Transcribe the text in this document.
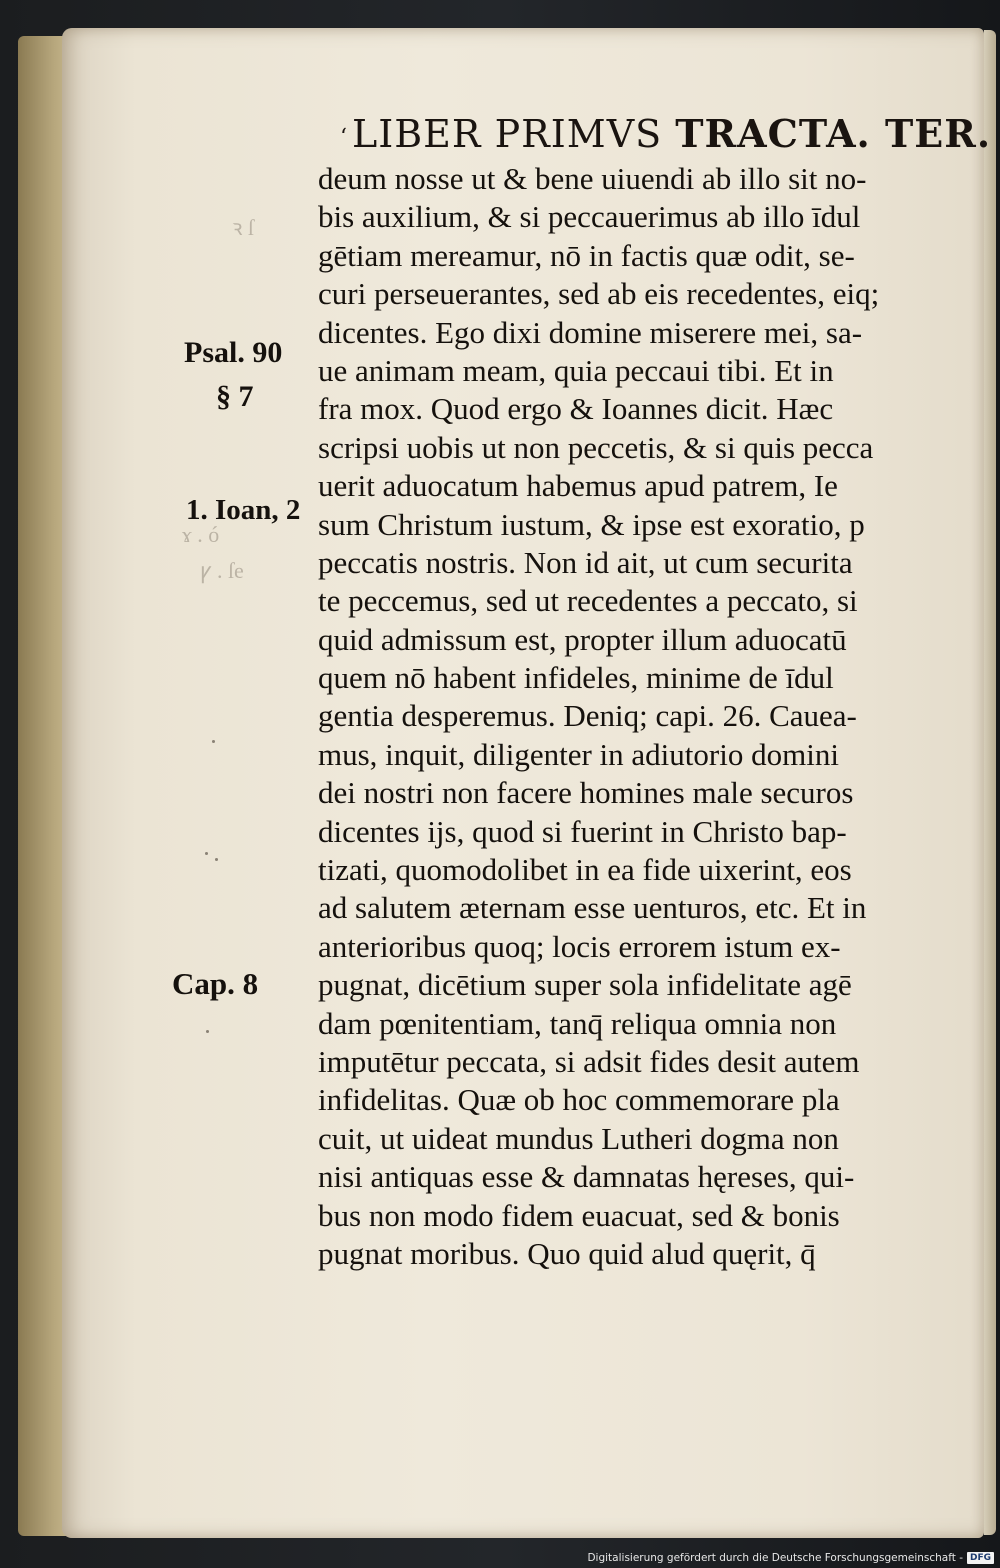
ꝛ ſ
ɤ . ó
ꝩ . ſe
‘ LIBER PRIMVS TRACTA. TER.
Psal. 90
§ 7
1. Ioan, 2
Cap. 8
deum nosse ut & bene uiuendi ab illo sit no-
bis auxilium, & si peccauerimus ab illo īdul
gētiam mereamur, nō in factis quæ odit, se-
curi perseuerantes, sed ab eis recedentes, eiq;
dicentes. Ego dixi domine miserere mei, sa-
ue animam meam, quia peccaui tibi. Et in
fra mox. Quod ergo & Ioannes dicit. Hæc
scripsi uobis ut non peccetis, & si quis pecca
uerit aduocatum habemus apud patrem, Ie
sum Christum iustum, & ipse est exoratio, p
peccatis nostris. Non id ait, ut cum securita
te peccemus, sed ut recedentes a peccato, si
quid admissum est, propter illum aduocatū
quem nō habent infideles, minime de īdul
gentia desperemus. Deniq; capi. 26. Cauea-
mus, inquit, diligenter in adiutorio domini
dei nostri non facere homines male securos
dicentes ijs, quod si fuerint in Christo bap-
tizati, quomodolibet in ea fide uixerint, eos
ad salutem æternam esse uenturos, etc. Et in
anterioribus quoq; locis errorem istum ex-
pugnat, dicētium super sola infidelitate agē
dam pœnitentiam, tanq̄ reliqua omnia non
imputētur peccata, si adsit fides desit autem
infidelitas. Quæ ob hoc commemorare pla
cuit, ut uideat mundus Lutheri dogma non
nisi antiquas esse & damnatas hęreses, qui-
bus non modo fidem euacuat, sed & bonis
pugnat moribus. Quo quid alud quęrit, q̄
Digitalisierung gefördert durch die Deutsche Forschungsgemeinschaft - DFG
